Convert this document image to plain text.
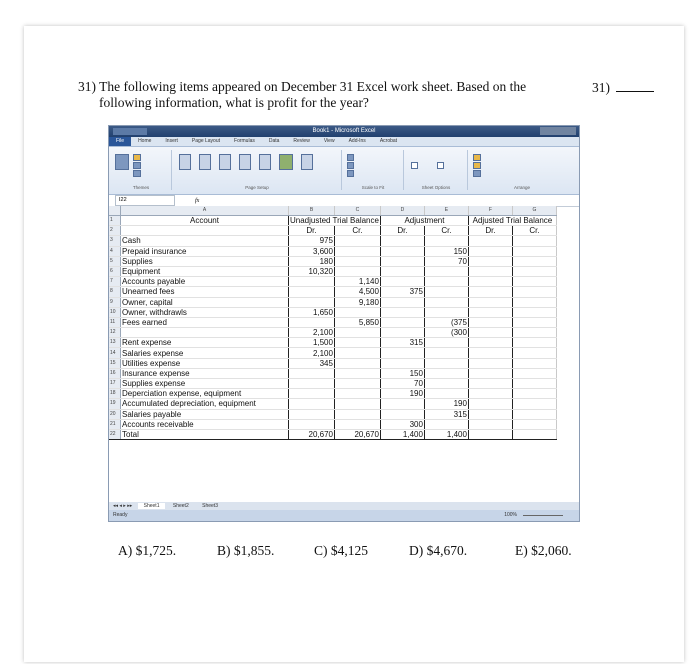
31) The following items appeared on December 31 Excel work sheet. Based on the
following information, what is profit for the year?
31)
Book1 - Microsoft Excel
File	Home	Insert	Page Layout	Formulas	Data	Review	View	Add-Ins	Acrobat
Themes	Page Setup	Scale to Fit	Sheet Options	Arrange
I22	fx
	A	B	C	D	E	F	G
1	Account	Unadjusted Trial Balance		Adjustment		Adjusted Trial Balance	
2		Dr.	Cr.	Dr.	Cr.	Dr.	Cr.
3	Cash	975					
4	Prepaid insurance	3,600			150		
5	Supplies	180			70		
6	Equipment	10,320					
7	Accounts payable		1,140				
8	Unearned fees		4,500	375			
9	Owner, capital		9,180				
10	Owner, withdrawls	1,650					
11	Fees earned		5,850		(375		
12		2,100			(300		
13	Rent expense	1,500		315			
14	Salaries expense	2,100					
15	Utilities expense	345					
16	Insurance expense			150			
17	Supplies expense			70			
18	Deperciation expense, equipment			190			
19	Accumulated depreciation, equipment				190		
20	Salaries payable				315		
21	Accounts receivable			300			
22	Total	20,670	20,670	1,400	1,400		
◂◂ ◂ ▸ ▸▸ Sheet1	Sheet2	Sheet3
Ready	100%
A) $1,725.	B) $1,855.	C) $4,125	D) $4,670.	E) $2,060.
